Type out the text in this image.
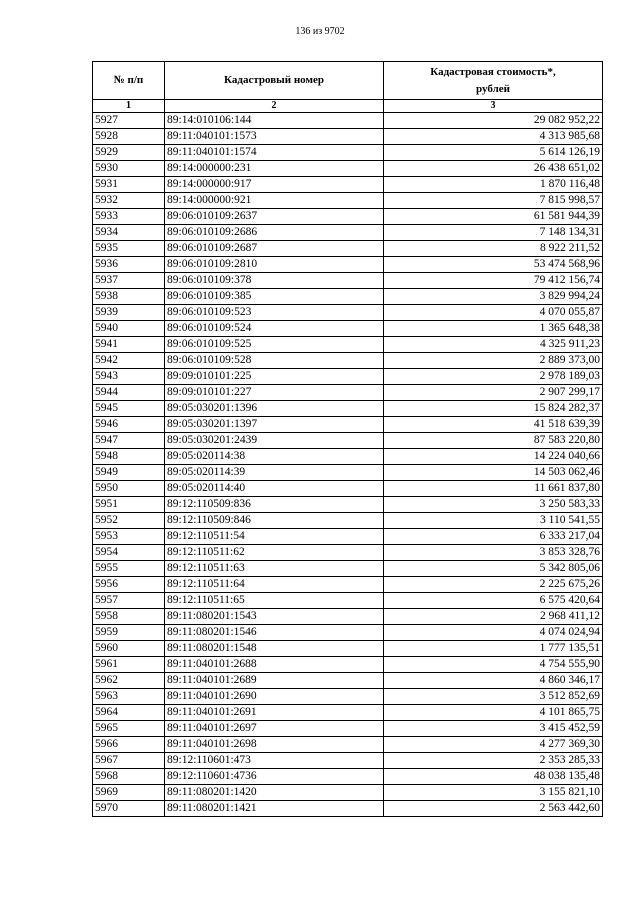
136 из 9702
№ п/п	Кадастровый номер	Кадастровая стоимость*,
рублей
1	2	3
5927	89:14:010106:144	29 082 952,22
5928	89:11:040101:1573	4 313 985,68
5929	89:11:040101:1574	5 614 126,19
5930	89:14:000000:231	26 438 651,02
5931	89:14:000000:917	1 870 116,48
5932	89:14:000000:921	7 815 998,57
5933	89:06:010109:2637	61 581 944,39
5934	89:06:010109:2686	7 148 134,31
5935	89:06:010109:2687	8 922 211,52
5936	89:06:010109:2810	53 474 568,96
5937	89:06:010109:378	79 412 156,74
5938	89:06:010109:385	3 829 994,24
5939	89:06:010109:523	4 070 055,87
5940	89:06:010109:524	1 365 648,38
5941	89:06:010109:525	4 325 911,23
5942	89:06:010109:528	2 889 373,00
5943	89:09:010101:225	2 978 189,03
5944	89:09:010101:227	2 907 299,17
5945	89:05:030201:1396	15 824 282,37
5946	89:05:030201:1397	41 518 639,39
5947	89:05:030201:2439	87 583 220,80
5948	89:05:020114:38	14 224 040,66
5949	89:05:020114:39	14 503 062,46
5950	89:05:020114:40	11 661 837,80
5951	89:12:110509:836	3 250 583,33
5952	89:12:110509:846	3 110 541,55
5953	89:12:110511:54	6 333 217,04
5954	89:12:110511:62	3 853 328,76
5955	89:12:110511:63	5 342 805,06
5956	89:12:110511:64	2 225 675,26
5957	89:12:110511:65	6 575 420,64
5958	89:11:080201:1543	2 968 411,12
5959	89:11:080201:1546	4 074 024,94
5960	89:11:080201:1548	1 777 135,51
5961	89:11:040101:2688	4 754 555,90
5962	89:11:040101:2689	4 860 346,17
5963	89:11:040101:2690	3 512 852,69
5964	89:11:040101:2691	4 101 865,75
5965	89:11:040101:2697	3 415 452,59
5966	89:11:040101:2698	4 277 369,30
5967	89:12:110601:473	2 353 285,33
5968	89:12:110601:4736	48 038 135,48
5969	89:11:080201:1420	3 155 821,10
5970	89:11:080201:1421	2 563 442,60
